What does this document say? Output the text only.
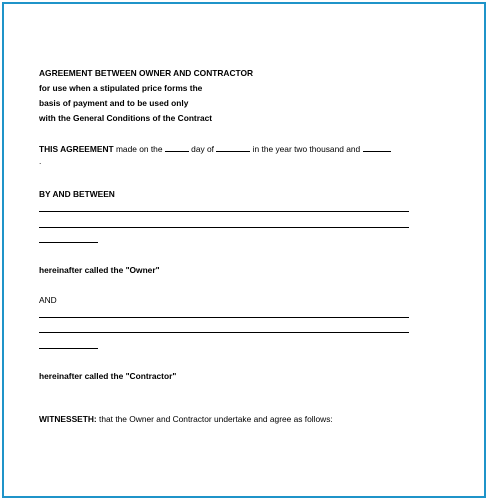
AGREEMENT BETWEEN OWNER AND CONTRACTOR
for use when a stipulated price forms the
basis of payment and to be used only
with the General Conditions of the Contract
THIS AGREEMENT made on the	day of	in the year two thousand and
.
BY AND BETWEEN
hereinafter called the "Owner"
AND
hereinafter called the "Contractor"
WITNESSETH: that the Owner and Contractor undertake and agree as follows:
